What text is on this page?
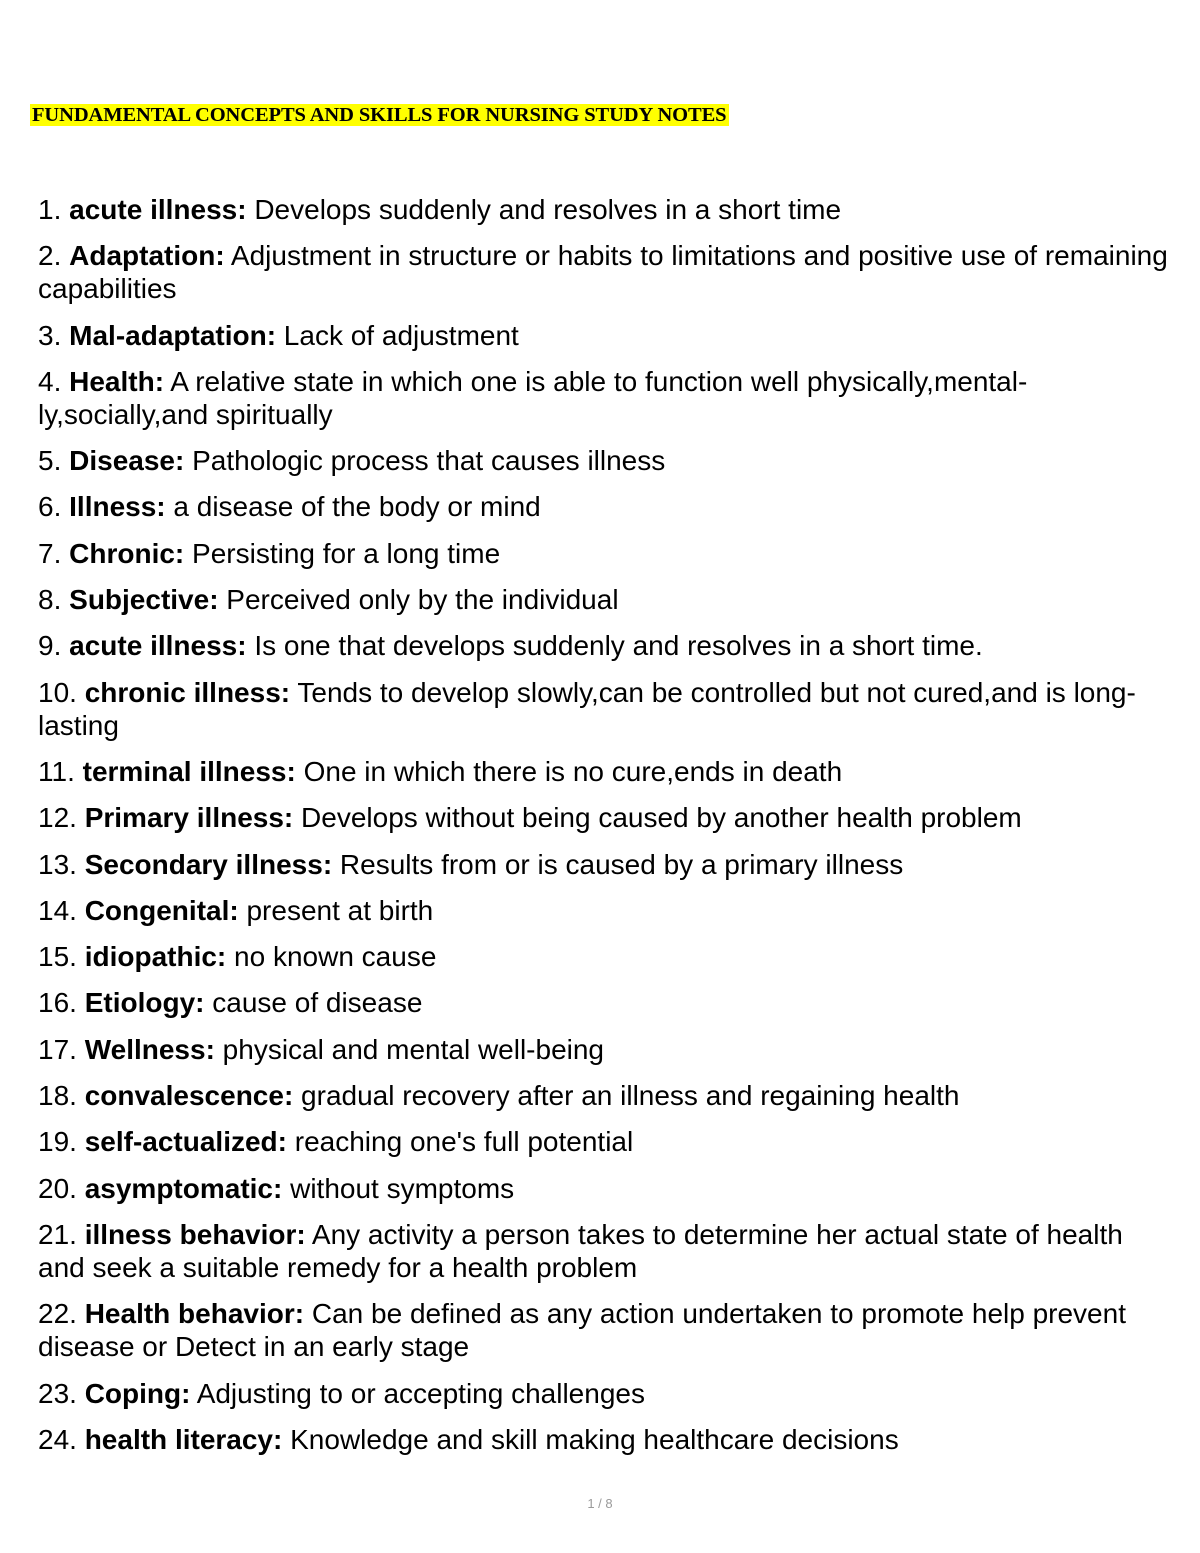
FUNDAMENTAL CONCEPTS AND SKILLS FOR NURSING STUDY NOTES
1. acute illness: Develops suddenly and resolves in a short time
2. Adaptation: Adjustment in structure or habits to limitations and positive use of remaining capabilities
3. Mal-adaptation: Lack of adjustment
4. Health: A relative state in which one is able to function well physically,mental-ly,socially,and spiritually
5. Disease: Pathologic process that causes illness
6. Illness: a disease of the body or mind
7. Chronic: Persisting for a long time
8. Subjective: Perceived only by the individual
9. acute illness: Is one that develops suddenly and resolves in a short time.
10. chronic illness: Tends to develop slowly,can be controlled but not cured,and is long-lasting
11. terminal illness: One in which there is no cure,ends in death
12. Primary illness: Develops without being caused by another health problem
13. Secondary illness: Results from or is caused by a primary illness
14. Congenital: present at birth
15. idiopathic: no known cause
16. Etiology: cause of disease
17. Wellness: physical and mental well-being
18. convalescence: gradual recovery after an illness and regaining health
19. self-actualized: reaching one's full potential
20. asymptomatic: without symptoms
21. illness behavior: Any activity a person takes to determine her actual state of health and seek a suitable remedy for a health problem
22. Health behavior: Can be defined as any action undertaken to promote help prevent disease or Detect in an early stage
23. Coping: Adjusting to or accepting challenges
24. health literacy: Knowledge and skill making healthcare decisions
1 / 8
